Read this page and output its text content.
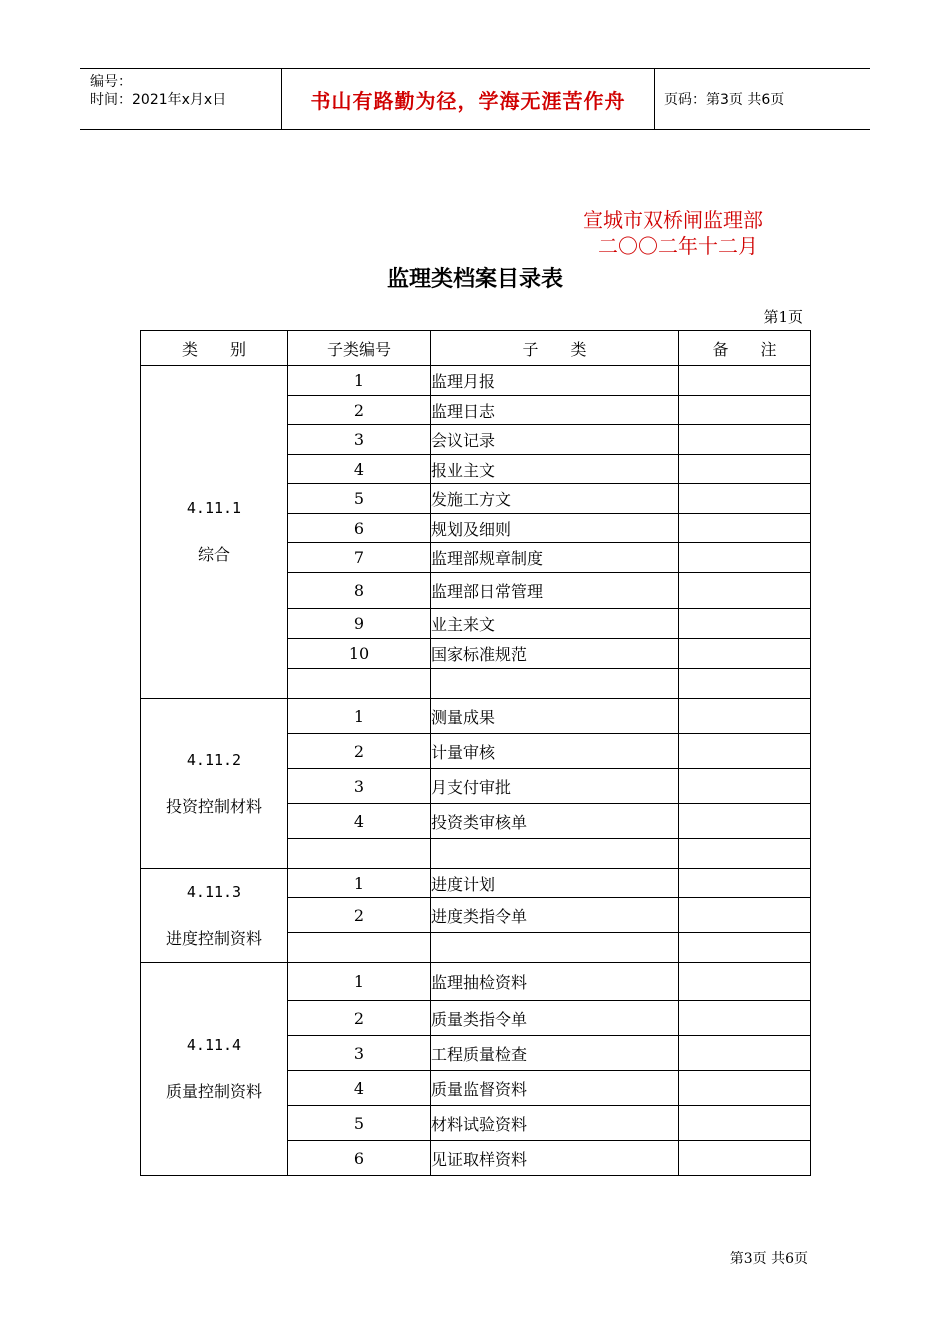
编号：
时间：2021年x月x日	书山有路勤为径，学海无涯苦作舟	页码：第3页 共6页
宣城市双桥闸监理部
二〇〇二年十二月
监理类档案目录表
第1页
类　　别	子类编号	子　　类	备　　注

4.11.1
综合	1	监理月报	
	2	监理日志	
	3	会议记录	
	4	报业主文	
	5	发施工方文	
	6	规划及细则	
	7	监理部规章制度	
	8	监理部日常管理	
	9	业主来文	
	10	国家标准规范	

4.11.2
投资控制材料	1	测量成果	
	2	计量审核	
	3	月支付审批	
	4	投资类审核单	

4.11.3
进度控制资料	1	进度计划	
	2	进度类指令单	

4.11.4
质量控制资料	1	监理抽检资料	
	2	质量类指令单	
	3	工程质量检查	
	4	质量监督资料	
	5	材料试验资料	
	6	见证取样资料	
第3页 共6页
